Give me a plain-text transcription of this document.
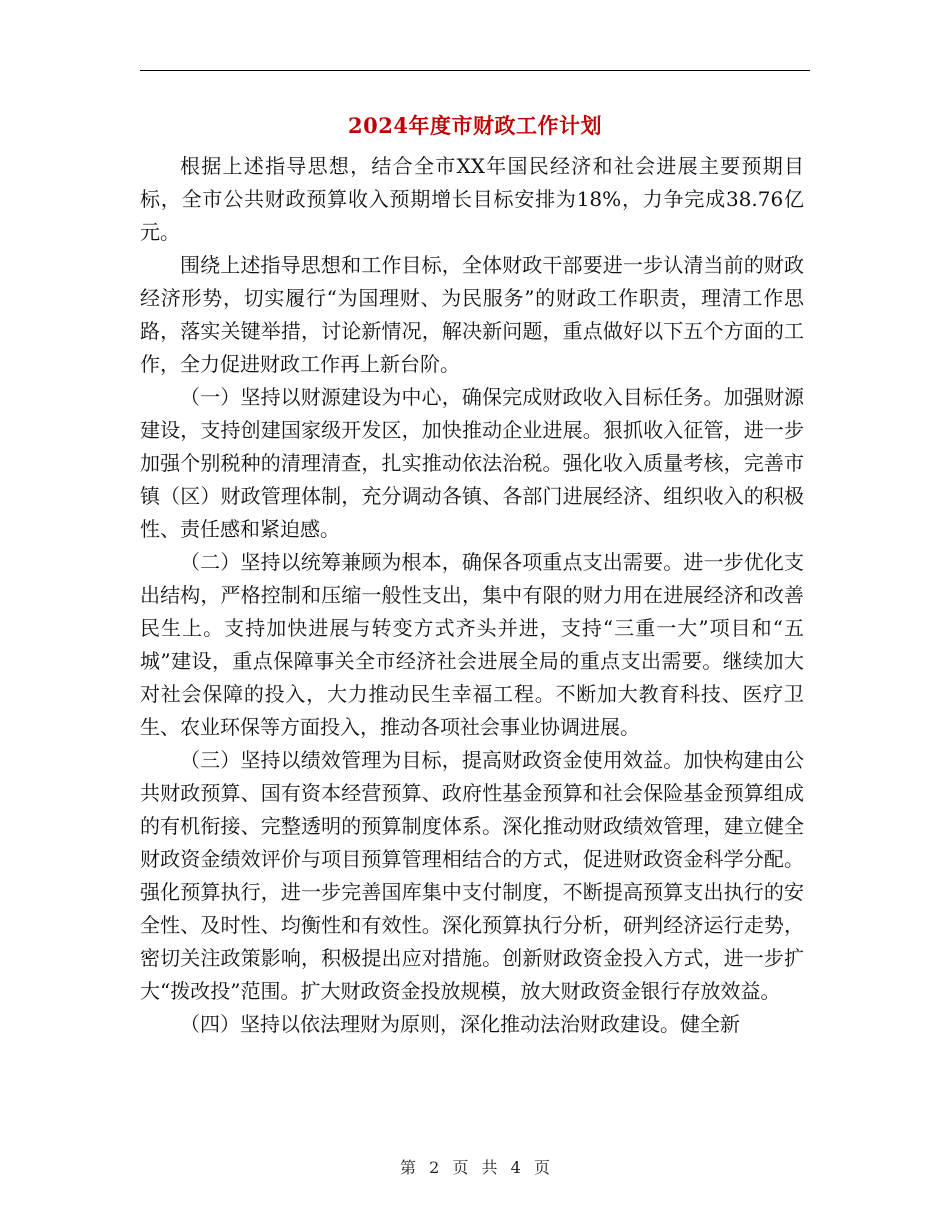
2024年度市财政工作计划

根据上述指导思想，结合全市XX年国民经济和社会进展主要预期目标，全市公共财政预算收入预期增长目标安排为18%，力争完成38.76亿元。

围绕上述指导思想和工作目标，全体财政干部要进一步认清当前的财政经济形势，切实履行“为国理财、为民服务”的财政工作职责，理清工作思路，落实关键举措，讨论新情况，解决新问题，重点做好以下五个方面的工作，全力促进财政工作再上新台阶。

（一）坚持以财源建设为中心，确保完成财政收入目标任务。加强财源建设，支持创建国家级开发区，加快推动企业进展。狠抓收入征管，进一步加强个别税种的清理清查，扎实推动依法治税。强化收入质量考核，完善市镇（区）财政管理体制，充分调动各镇、各部门进展经济、组织收入的积极性、责任感和紧迫感。

（二）坚持以统筹兼顾为根本，确保各项重点支出需要。进一步优化支出结构，严格控制和压缩一般性支出，集中有限的财力用在进展经济和改善民生上。支持加快进展与转变方式齐头并进，支持“三重一大”项目和“五城”建设，重点保障事关全市经济社会进展全局的重点支出需要。继续加大对社会保障的投入，大力推动民生幸福工程。不断加大教育科技、医疗卫生、农业环保等方面投入，推动各项社会事业协调进展。

（三）坚持以绩效管理为目标，提高财政资金使用效益。加快构建由公共财政预算、国有资本经营预算、政府性基金预算和社会保险基金预算组成的有机衔接、完整透明的预算制度体系。深化推动财政绩效管理，建立健全财政资金绩效评价与项目预算管理相结合的方式，促进财政资金科学分配。强化预算执行，进一步完善国库集中支付制度，不断提高预算支出执行的安全性、及时性、均衡性和有效性。深化预算执行分析，研判经济运行走势，密切关注政策影响，积极提出应对措施。创新财政资金投入方式，进一步扩大“拨改投”范围。扩大财政资金投放规模，放大财政资金银行存放效益。

（四）坚持以依法理财为原则，深化推动法治财政建设。健全新

第 2 页 共 4 页
